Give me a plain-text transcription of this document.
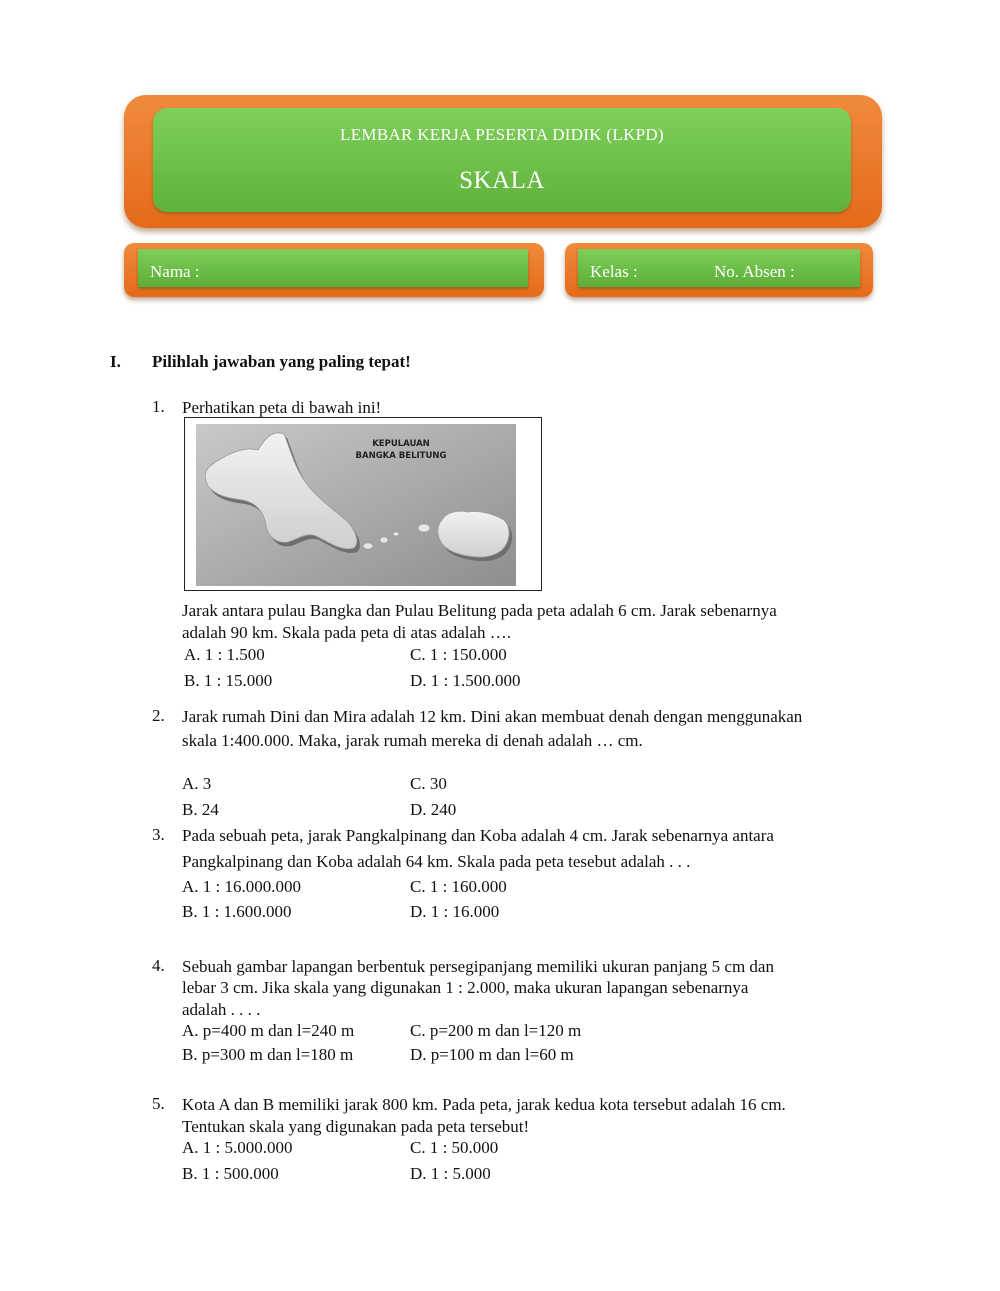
LEMBAR KERJA PESERTA DIDIK (LKPD)
SKALA
Nama :	Kelas :	No. Absen :
I. Pilihlah jawaban yang paling tepat!
1. Perhatikan peta di bawah ini!
KEPULAUAN
BANGKA BELITUNG
Jarak antara pulau Bangka dan Pulau Belitung pada peta adalah 6 cm. Jarak sebenarnya
adalah 90 km. Skala pada peta di atas adalah ….
A. 1 : 1.500	C. 1 : 150.000
B. 1 : 15.000	D. 1 : 1.500.000
2. Jarak rumah Dini dan Mira adalah 12 km. Dini akan membuat denah dengan menggunakan
skala 1:400.000. Maka, jarak rumah mereka di denah adalah … cm.
A. 3	C. 30
B. 24	D. 240
3. Pada sebuah peta, jarak Pangkalpinang dan Koba adalah 4 cm. Jarak sebenarnya antara
Pangkalpinang dan Koba adalah 64 km. Skala pada peta tesebut adalah . . .
A. 1 : 16.000.000	C. 1 : 160.000
B. 1 : 1.600.000	D. 1 : 16.000
4. Sebuah gambar lapangan berbentuk persegipanjang memiliki ukuran panjang 5 cm dan
lebar 3 cm. Jika skala yang digunakan 1 : 2.000, maka ukuran lapangan sebenarnya
adalah . . . .
A. p=400 m dan l=240 m	C. p=200 m dan l=120 m
B. p=300 m dan l=180 m	D. p=100 m dan l=60 m
5. Kota A dan B memiliki jarak 800 km. Pada peta, jarak kedua kota tersebut adalah 16 cm.
Tentukan skala yang digunakan pada peta tersebut!
A. 1 : 5.000.000	C. 1 : 50.000
B. 1 : 500.000	D. 1 : 5.000
